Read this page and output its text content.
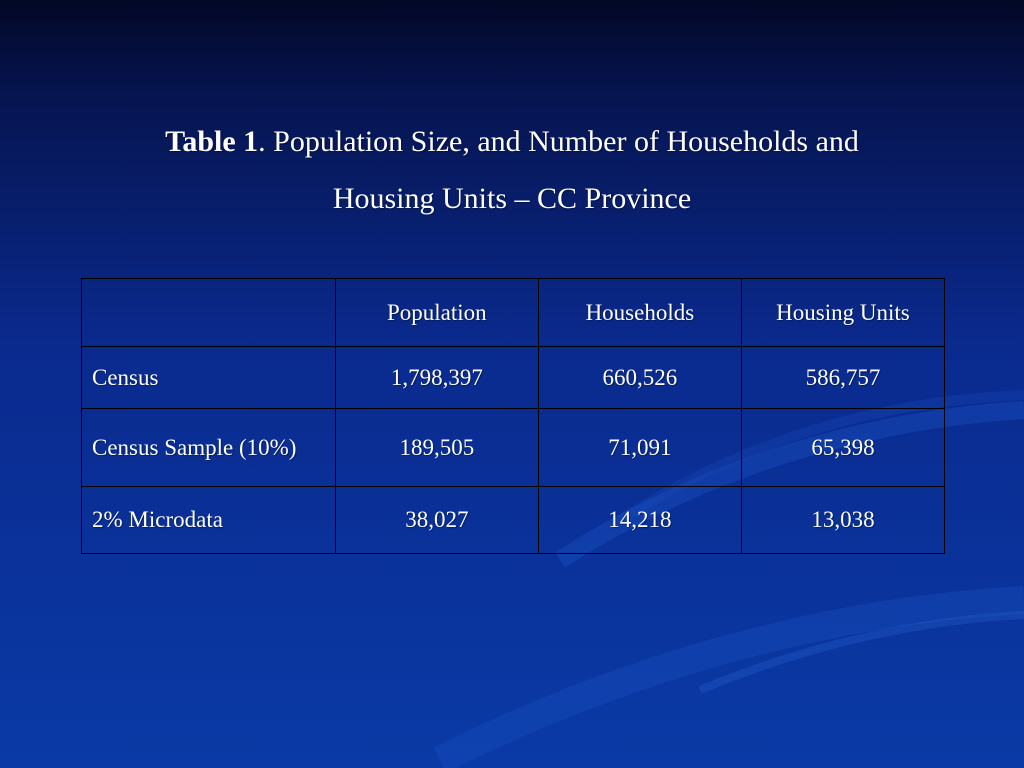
Table 1. Population Size, and Number of Households and
Housing Units – CC Province
	Population	Households	Housing Units
Census	1,798,397	660,526	586,757
Census Sample (10%)	189,505	71,091	65,398
2% Microdata	38,027	14,218	13,038
